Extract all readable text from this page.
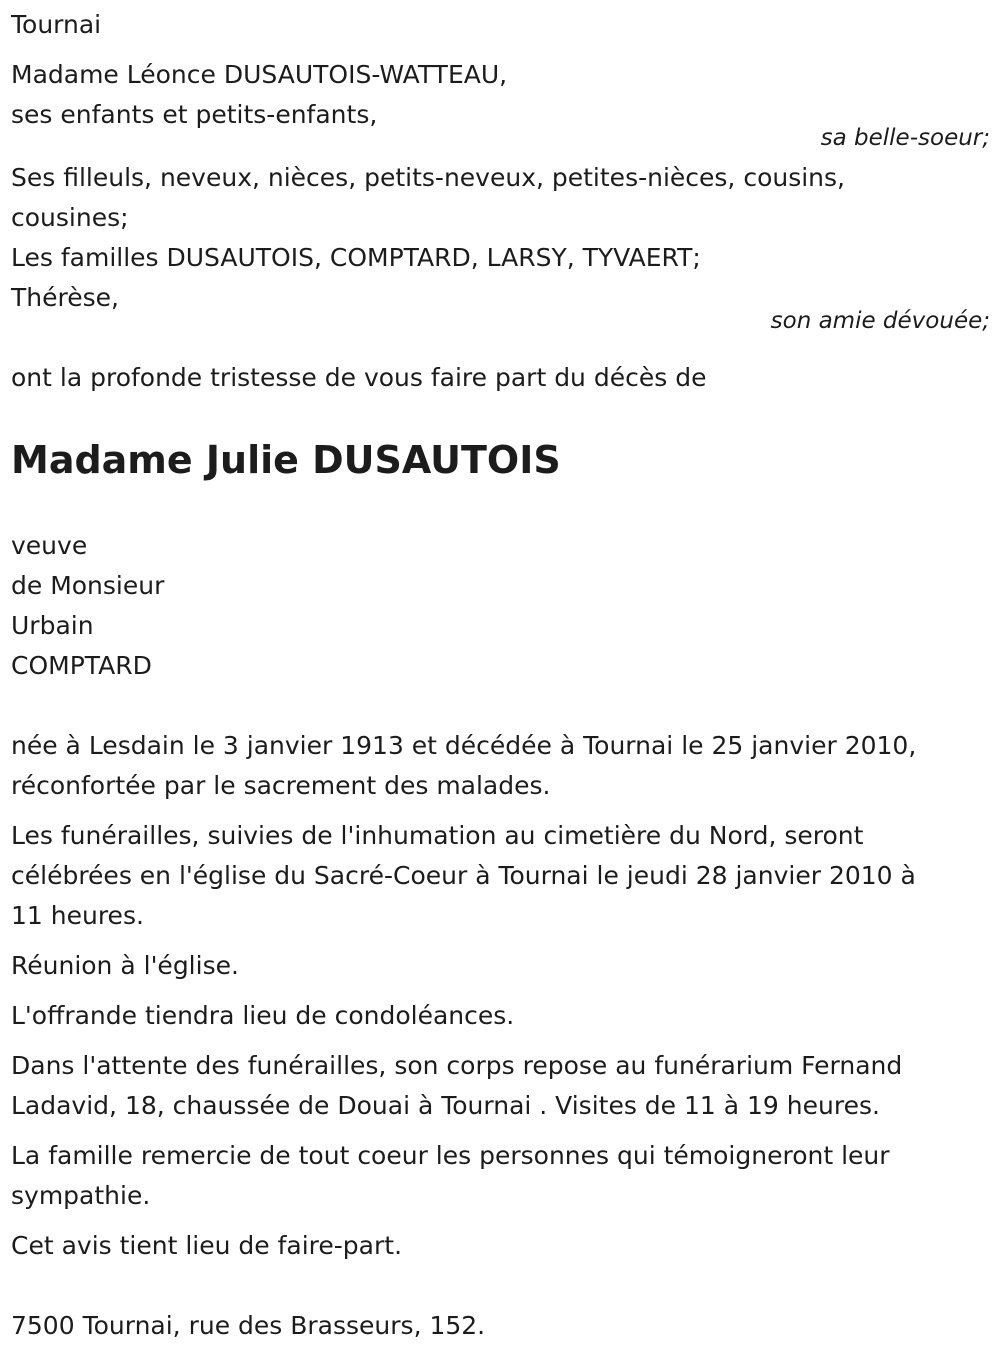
Tournai

Madame Léonce DUSAUTOIS-WATTEAU,

ses enfants et petits-enfants,

sa belle-soeur;

Ses filleuls, neveux, nièces, petits-neveux, petites-nièces, cousins,

cousines;

Les familles DUSAUTOIS, COMPTARD, LARSY, TYVAERT;

Thérèse,

son amie dévouée;

ont la profonde tristesse de vous faire part du décès de

Madame Julie DUSAUTOIS

veuve

de Monsieur

Urbain

COMPTARD

née à Lesdain le 3 janvier 1913 et décédée à Tournai le 25 janvier 2010,

réconfortée par le sacrement des malades.

Les funérailles, suivies de l'inhumation au cimetière du Nord, seront

célébrées en l'église du Sacré-Coeur à Tournai le jeudi 28 janvier 2010 à

11 heures.

Réunion à l'église.

L'offrande tiendra lieu de condoléances.

Dans l'attente des funérailles, son corps repose au funérarium Fernand

Ladavid, 18, chaussée de Douai à Tournai . Visites de 11 à 19 heures.

La famille remercie de tout coeur les personnes qui témoigneront leur

sympathie.

Cet avis tient lieu de faire-part.

7500 Tournai, rue des Brasseurs, 152.
